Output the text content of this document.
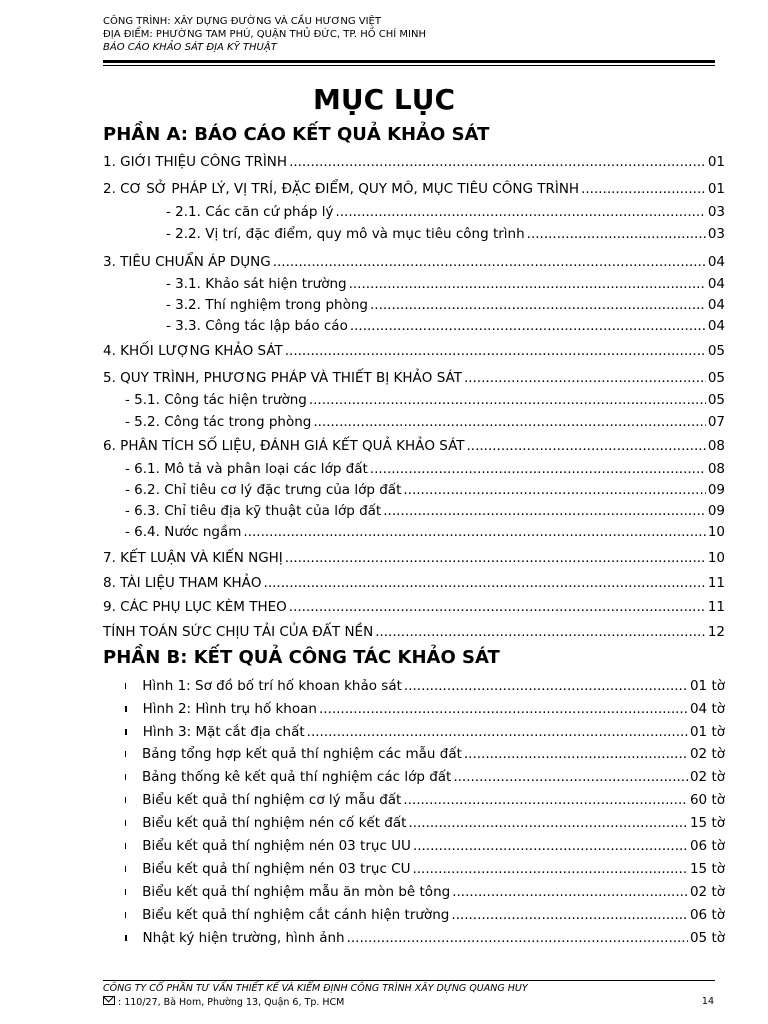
CÔNG TRÌNH: XÂY DỰNG ĐƯỜNG VÀ CẦU HƯƠNG VIỆT
ĐỊA ĐIỂM: PHƯỜNG TAM PHÚ, QUẬN THỦ ĐỨC, TP. HỒ CHÍ MINH
BÁO CÁO KHẢO SÁT ĐỊA KỸ THUẬT
MỤC LỤC
PHẦN A: BÁO CÁO KẾT QUẢ KHẢO SÁT
1. GIỚI THIỆU CÔNG TRÌNH .....	01
2. CƠ SỞ PHÁP LÝ, VỊ TRÍ, ĐẶC ĐIỂM, QUY MÔ, MỤC TIÊU CÔNG TRÌNH .....	01
- 2.1. Các căn cứ pháp lý .....	03
- 2.2. Vị trí, đặc điểm, quy mô và mục tiêu công trình .....	03
3. TIÊU CHUẨN ÁP DỤNG .....	04
- 3.1. Khảo sát hiện trường .....	04
- 3.2. Thí nghiệm trong phòng .....	04
- 3.3. Công tác lập báo cáo .....	04
4. KHỐI LƯỢNG KHẢO SÁT .....	05
5. QUY TRÌNH, PHƯƠNG PHÁP VÀ THIẾT BỊ KHẢO SÁT .....	05
- 5.1. Công tác hiện trường .....	05
- 5.2. Công tác trong phòng .....	07
6. PHÂN TÍCH SỐ LIỆU, ĐÁNH GIÁ KẾT QUẢ KHẢO SÁT .....	08
- 6.1. Mô tả và phân loại các lớp đất .....	08
- 6.2. Chỉ tiêu cơ lý đặc trưng của lớp đất .....	09
- 6.3. Chỉ tiêu địa kỹ thuật của lớp đất .....	09
- 6.4. Nước ngầm .....	10
7. KẾT LUẬN VÀ KIẾN NGHỊ .....	10
8. TÀI LIỆU THAM KHẢO .....	11
9. CÁC PHỤ LỤC KÈM THEO .....	11
TÍNH TOÁN SỨC CHỊU TẢI CỦA ĐẤT NỀN .....	12
PHẦN B: KẾT QUẢ CÔNG TÁC KHẢO SÁT
Hình 1: Sơ đồ bố trí hố khoan khảo sát .....	01 tờ
Hình 2: Hình trụ hố khoan .....	04 tờ
Hình 3: Mặt cắt địa chất .....	01 tờ
Bảng tổng hợp kết quả thí nghiệm các mẫu đất .....	02 tờ
Bảng thống kê kết quả thí nghiệm các lớp đất .....	02 tờ
Biểu kết quả thí nghiệm cơ lý mẫu đất .....	60 tờ
Biểu kết quả thí nghiệm nén cố kết đất .....	15 tờ
Biểu kết quả thí nghiệm nén 03 trục UU .....	06 tờ
Biểu kết quả thí nghiệm nén 03 trục CU .....	15 tờ
Biểu kết quả thí nghiệm mẫu ăn mòn bê tông .....	02 tờ
Biểu kết quả thí nghiệm cắt cánh hiện trường .....	06 tờ
Nhật ký hiện trường, hình ảnh .....	05 tờ
CÔNG TY CỔ PHẦN TƯ VẤN THIẾT KẾ VÀ KIỂM ĐỊNH CÔNG TRÌNH XÂY DỰNG QUANG HUY
: 110/27, Bà Hom, Phường 13, Quận 6, Tp. HCM	14
